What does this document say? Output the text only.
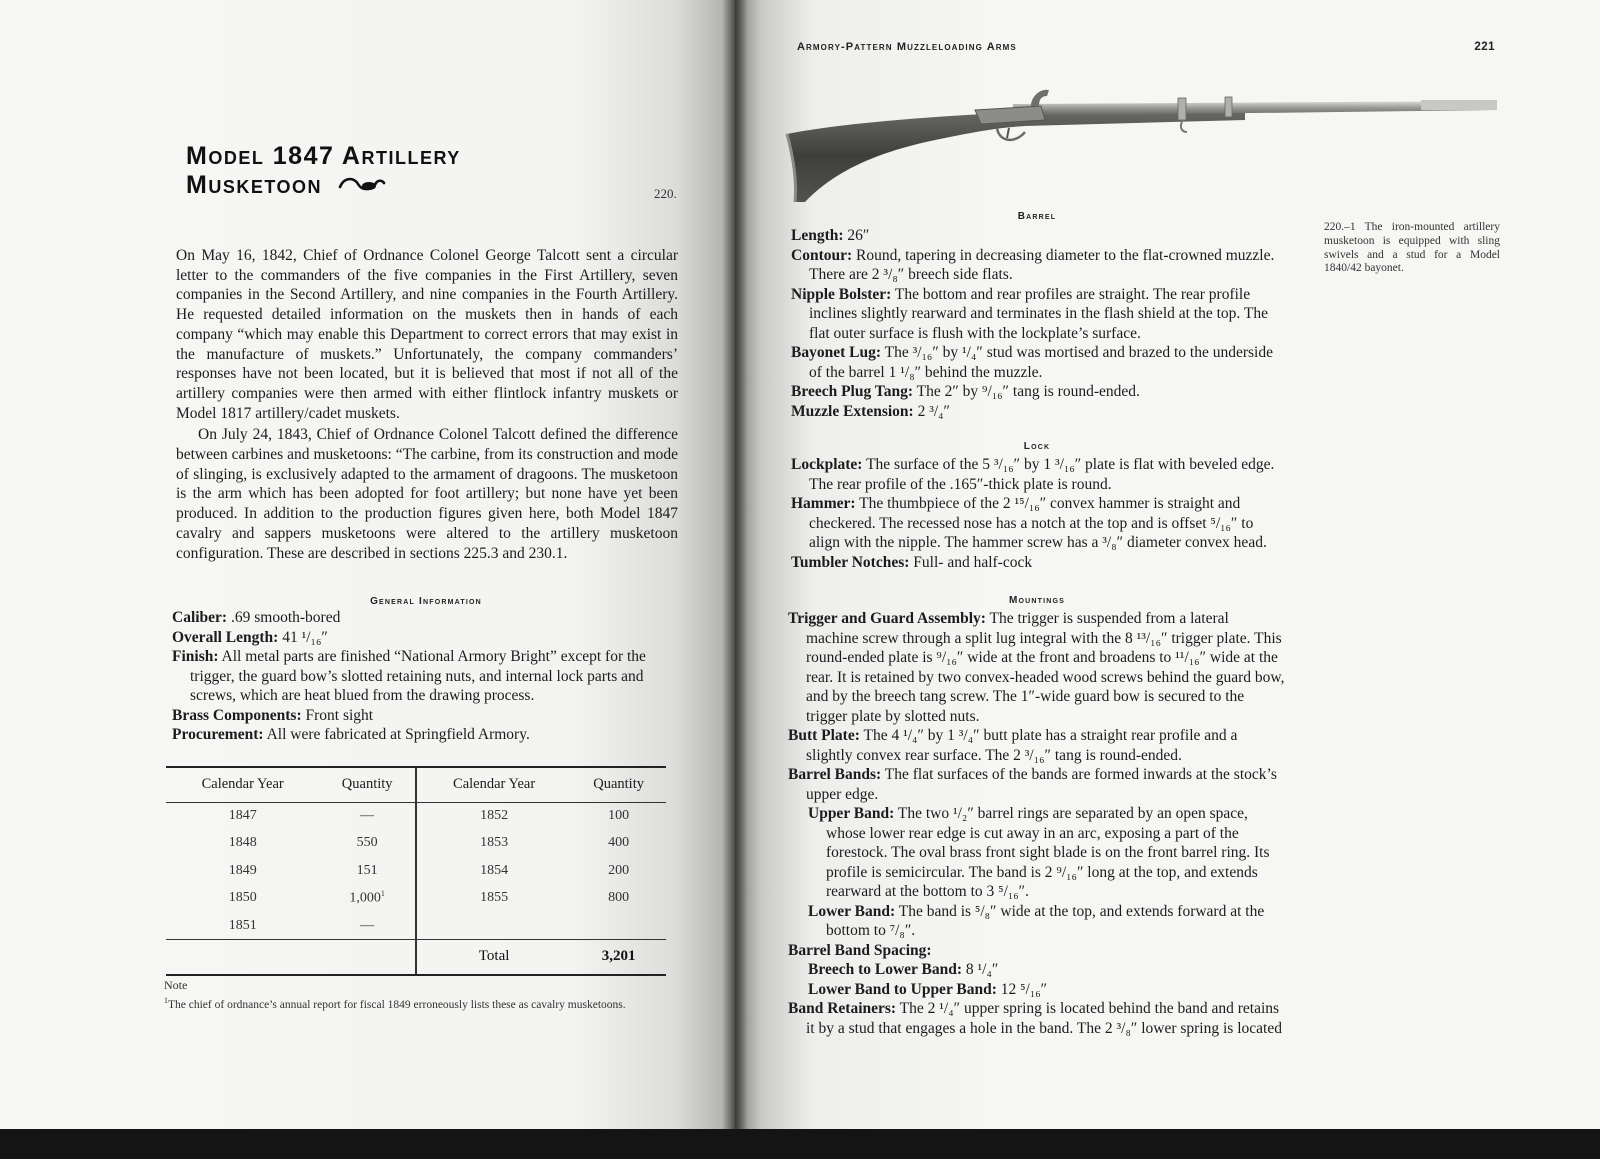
Model 1847 Artillery
Musketoon	220.

On May 16, 1842, Chief of Ordnance Colonel George Talcott sent a circular letter to the commanders of the five companies in the First Artillery, seven companies in the Second Artillery, and nine companies in the Fourth Artillery. He requested detailed information on the muskets then in hands of each company “which may enable this Department to correct errors that may exist in the manufacture of muskets.” Unfortunately, the company commanders’ responses have not been located, but it is believed that most if not all of the artillery companies were then armed with either flintlock infantry muskets or Model 1817 artillery/cadet muskets.

On July 24, 1843, Chief of Ordnance Colonel Talcott defined the difference between carbines and musketoons: “The carbine, from its construction and mode of slinging, is exclusively adapted to the armament of dragoons. The musketoon is the arm which has been adopted for foot artillery; but none have yet been produced. In addition to the production figures given here, both Model 1847 cavalry and sappers musketoons were altered to the artillery musketoon configuration. These are described in sections 225.3 and 230.1.

General Information
Caliber: .69 smooth-bored
Overall Length: 41 ¹/₁₆″
Finish: All metal parts are finished “National Armory Bright” except for the trigger, the guard bow’s slotted retaining nuts, and internal lock parts and screws, which are heat blued from the drawing process.
Brass Components: Front sight
Procurement: All were fabricated at Springfield Armory.
Calendar Year	Quantity	Calendar Year	Quantity
1847	—	1852	100
1848	550	1853	400
1849	151	1854	200
1850	1,000$^1$	1855	800
1851	—		
		Total	3,201
Note
$^1$The chief of ordnance’s annual report for fiscal 1849 erroneously lists these as cavalry musketoons.
Armory-Pattern Muzzleloading Arms	221
220.–1 The iron-mounted artillery musketoon is equipped with sling swivels and a stud for a Model 1840/42 bayonet.
Barrel
Length: 26″
Contour: Round, tapering in decreasing diameter to the flat-crowned muzzle. There are 2 ³/₈″ breech side flats.
Nipple Bolster: The bottom and rear profiles are straight. The rear profile inclines slightly rearward and terminates in the flash shield at the top. The flat outer surface is flush with the lockplate’s surface.
Bayonet Lug: The ³/₁₆″ by ¹/₄″ stud was mortised and brazed to the underside of the barrel 1 ¹/₈″ behind the muzzle.
Breech Plug Tang: The 2″ by ⁹/₁₆″ tang is round-ended.
Muzzle Extension: 2 ³/₄″
Lock
Lockplate: The surface of the 5 ³/₁₆″ by 1 ³/₁₆″ plate is flat with beveled edge. The rear profile of the .165″-thick plate is round.
Hammer: The thumbpiece of the 2 ¹⁵/₁₆″ convex hammer is straight and checkered. The recessed nose has a notch at the top and is offset ⁵/₁₆″ to align with the nipple. The hammer screw has a ³/₈″ diameter convex head.
Tumbler Notches: Full- and half-cock
Mountings
Trigger and Guard Assembly: The trigger is suspended from a lateral machine screw through a split lug integral with the 8 ¹³/₁₆″ trigger plate. This round-ended plate is ⁹/₁₆″ wide at the front and broadens to ¹¹/₁₆″ wide at the rear. It is retained by two convex-headed wood screws behind the guard bow, and by the breech tang screw. The 1″-wide guard bow is secured to the trigger plate by slotted nuts.
Butt Plate: The 4 ¹/₄″ by 1 ³/₄″ butt plate has a straight rear profile and a slightly convex rear surface. The 2 ³/₁₆″ tang is round-ended.
Barrel Bands: The flat surfaces of the bands are formed inwards at the stock’s upper edge.
Upper Band: The two ¹/₂″ barrel rings are separated by an open space, whose lower rear edge is cut away in an arc, exposing a part of the forestock. The oval brass front sight blade is on the front barrel ring. Its profile is semicircular. The band is 2 ⁹/₁₆″ long at the top, and extends rearward at the bottom to 3 ⁵/₁₆″.
Lower Band: The band is ⁵/₈″ wide at the top, and extends forward at the bottom to ⁷/₈″.
Barrel Band Spacing:
Breech to Lower Band: 8 ¹/₄″
Lower Band to Upper Band: 12 ⁵/₁₆″
Band Retainers: The 2 ¹/₄″ upper spring is located behind the band and retains it by a stud that engages a hole in the band. The 2 ³/₈″ lower spring is located
